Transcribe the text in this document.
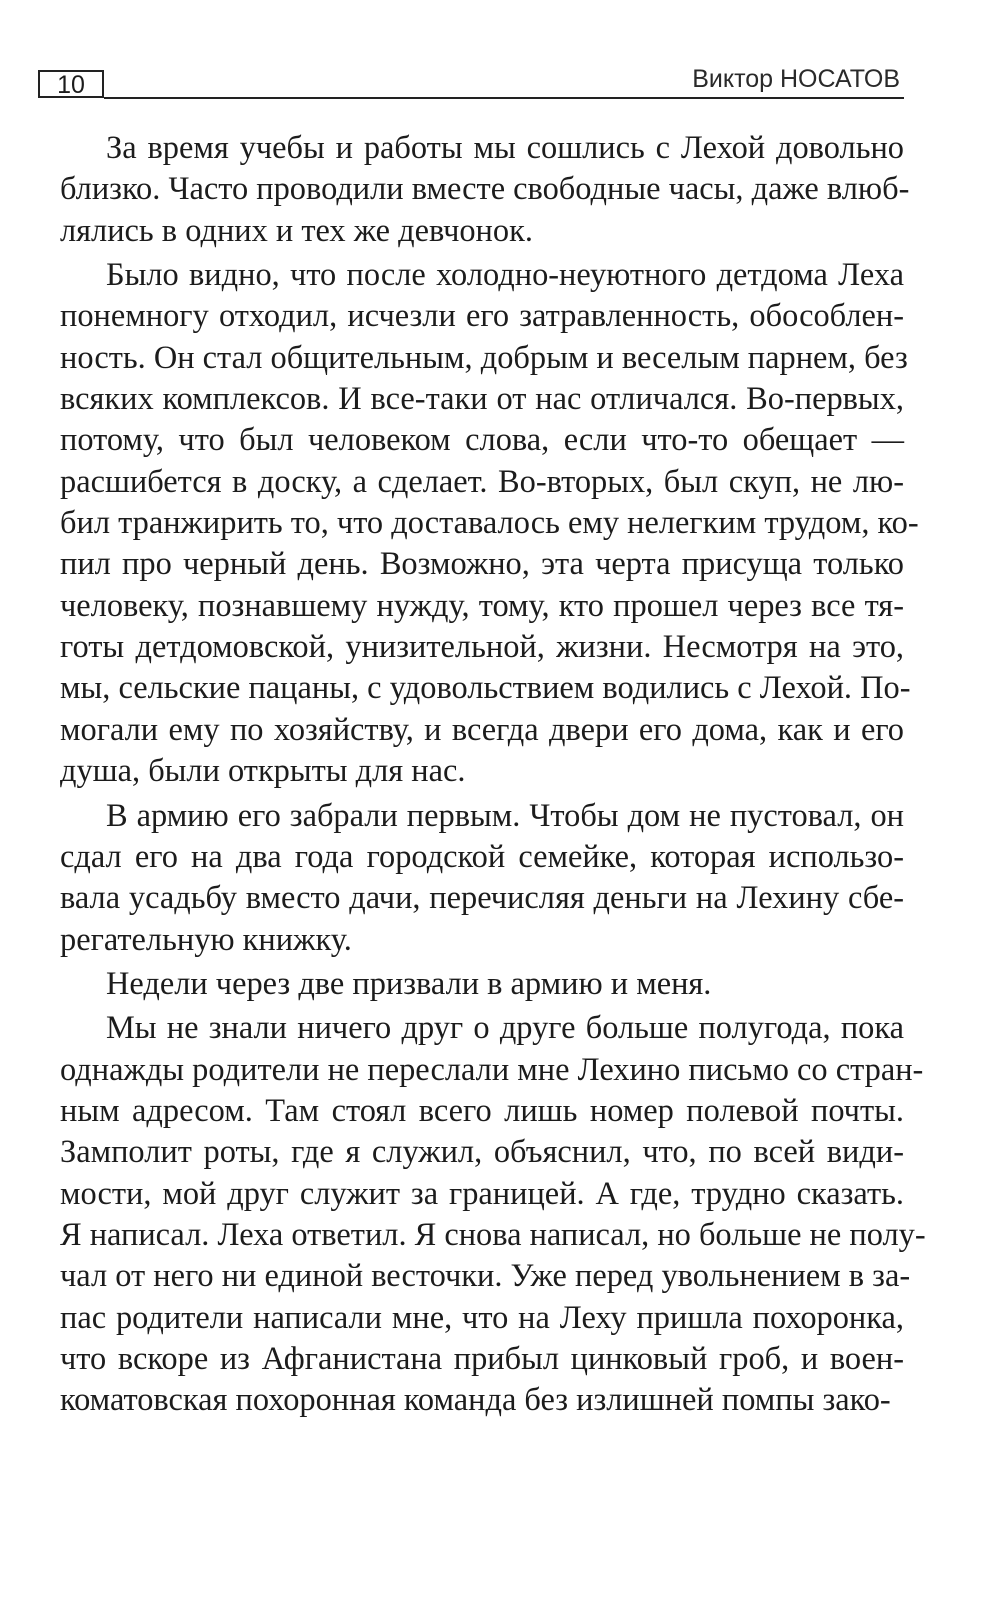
10	Виктор НОСАТОВ
За время учебы и работы мы сошлись с Лехой довольно
близко. Часто проводили вместе свободные часы, даже влюб-
лялись в одних и тех же девчонок.
Было видно, что после холодно-неуютного детдома Леха
понемногу отходил, исчезли его затравленность, обособлен-
ность. Он стал общительным, добрым и веселым парнем, без
всяких комплексов. И все-таки от нас отличался. Во-первых,
потому, что был человеком слова, если что-то обещает —
расшибется в доску, а сделает. Во-вторых, был скуп, не лю-
бил транжирить то, что доставалось ему нелегким трудом, ко-
пил про черный день. Возможно, эта черта присуща только
человеку, познавшему нужду, тому, кто прошел через все тя-
готы детдомовской, унизительной, жизни. Несмотря на это,
мы, сельские пацаны, с удовольствием водились с Лехой. По-
могали ему по хозяйству, и всегда двери его дома, как и его
душа, были открыты для нас.
В армию его забрали первым. Чтобы дом не пустовал, он
сдал его на два года городской семейке, которая использо-
вала усадьбу вместо дачи, перечисляя деньги на Лехину сбе-
регательную книжку.
Недели через две призвали в армию и меня.
Мы не знали ничего друг о друге больше полугода, пока
однажды родители не переслали мне Лехино письмо со стран-
ным адресом. Там стоял всего лишь номер полевой почты.
Замполит роты, где я служил, объяснил, что, по всей види-
мости, мой друг служит за границей. А где, трудно сказать.
Я написал. Леха ответил. Я снова написал, но больше не полу-
чал от него ни единой весточки. Уже перед увольнением в за-
пас родители написали мне, что на Леху пришла похоронка,
что вскоре из Афганистана прибыл цинковый гроб, и воен-
коматовская похоронная команда без излишней помпы зако-
